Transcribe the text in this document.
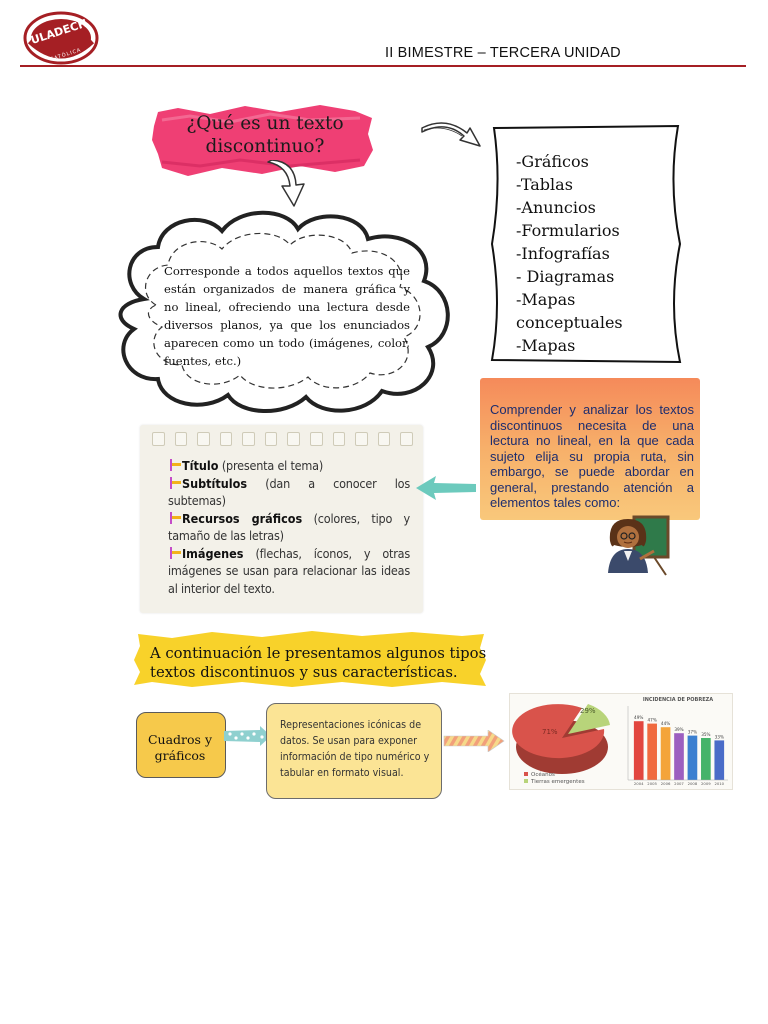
ULADECH
CATÓLICA	II BIMESTRE – TERCERA UNIDAD
¿Qué es un texto
discontinuo?
Corresponde a todos aquellos textos que están organizados de manera gráfica y no lineal, ofreciendo una lectura desde diversos planos, ya que los enunciados aparecen como un todo (imágenes, color, fuentes, etc.)
-Gráficos
-Tablas
-Anuncios
-Formularios
-Infografías
- Diagramas
-Mapas conceptuales
-Mapas
Comprender y analizar los textos discontinuos necesita de una lectura no lineal, en la que cada sujeto elija su propia ruta, sin embargo, se puede abordar en general, prestando atención a elementos tales como:
Título (presenta el tema)
Subtítulos (dan a conocer los subtemas)
Recursos gráficos (colores, tipo y tamaño de las letras)
Imágenes (flechas, íconos, y otras imágenes se usan para relacionar las ideas al interior del texto.
A continuación le presentamos algunos tipos textos discontinuos y sus características.
Cuadros y gráficos
Representaciones icónicas de datos. Se usan para exponer información de tipo numérico y tabular en formato visual.
71%
29%
Océanos
Tierras emergentes
INCIDENCIA DE POBREZA
49%
2004
47%
2005
44%
2006
39%
2007
37%
2008
35%
2009
33%
2010
